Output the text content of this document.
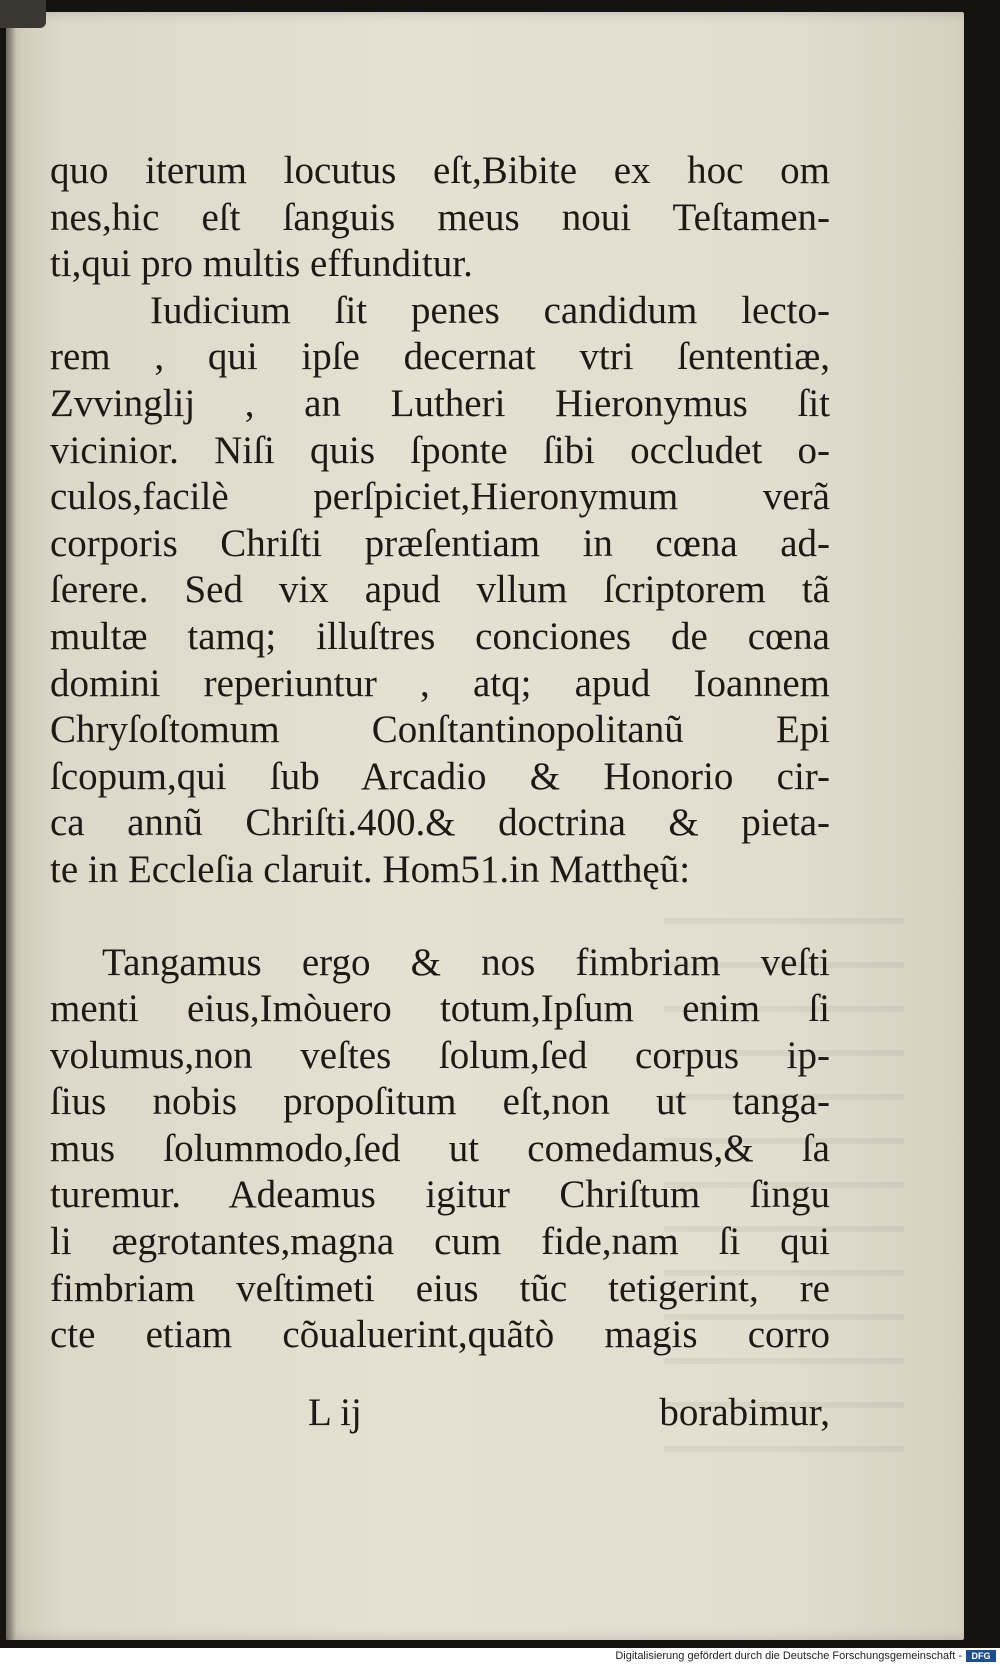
quo iterum locutus eſt,Bibite ex hoc om
nes,hic eſt ſanguis meus noui Teſtamen-
ti,qui pro multis effunditur.
Iudicium ſit penes candidum lecto-
rem , qui ipſe decernat vtri ſententiæ,
Zvvinglij , an Lutheri Hieronymus ſit
vicinior. Niſi quis ſponte ſibi occludet o-
culos,facilè perſpiciet,Hieronymum verã
corporis Chriſti præſentiam in cœna ad-
ſerere. Sed vix apud vllum ſcriptorem tã
multæ tamq; illuſtres conciones de cœna
domini reperiuntur , atq; apud Ioannem
Chryſoſtomum Conſtantinopolitanũ Epi
ſcopum,qui ſub Arcadio & Honorio cir-
ca annũ Chriſti.400.& doctrina & pieta-
te in Eccleſia claruit. Hom51.in Matthęũ:
Tangamus ergo & nos fimbriam veſti
menti eius,Imòuero totum,Ipſum enim ſi
volumus,non veſtes ſolum,ſed corpus ip-
ſius nobis propoſitum eſt,non ut tanga-
mus ſolummodo,ſed ut comedamus,& ſa
turemur. Adeamus igitur Chriſtum ſingu
li ægrotantes,magna cum fide,nam ſi qui
fimbriam veſtimeti eius tũc tetigerint, re
cte etiam cõualuerint,quãtò magis corro
L ij	borabimur,
Digitalisierung gefördert durch die Deutsche Forschungsgemeinschaft -	DFG
